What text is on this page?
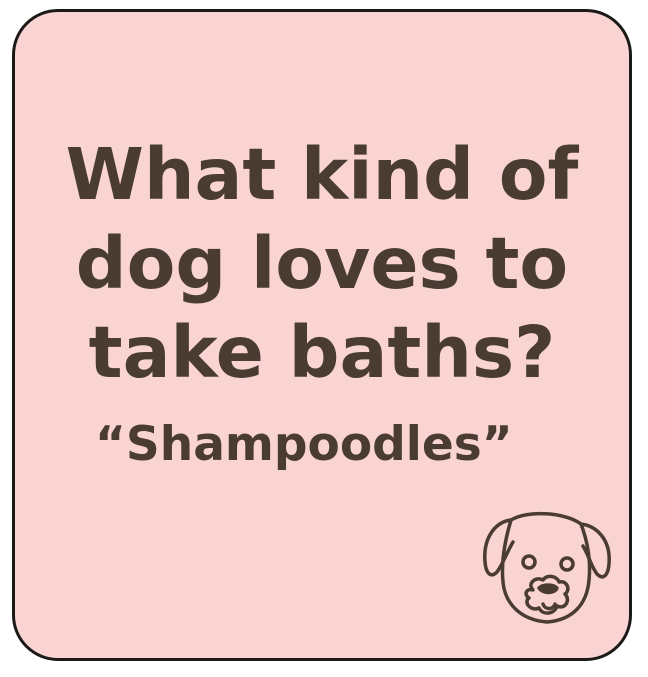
What kind of
dog loves to
take baths?

“Shampoodles”
